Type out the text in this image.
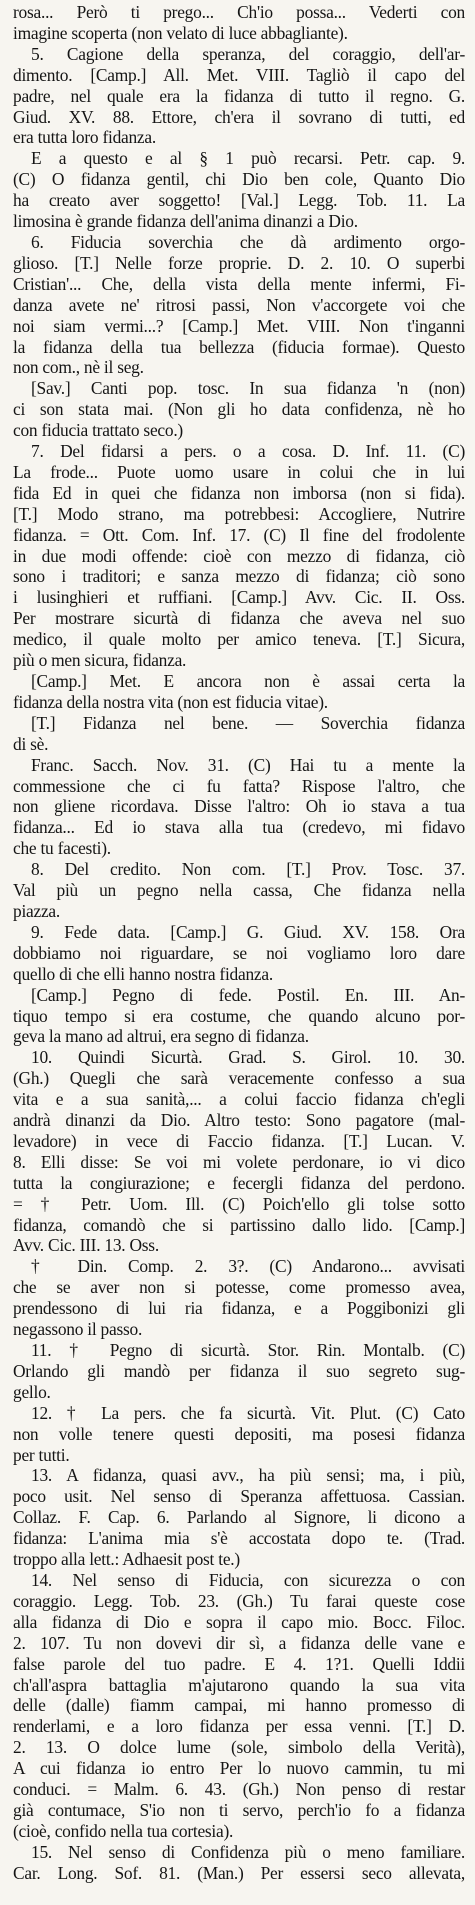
rosa... Però ti prego... Ch'io possa... Vederti con
imagine scoperta (non velato di luce abbagliante).
5. Cagione della speranza, del coraggio, dell'ar-
dimento. [Camp.] All. Met. VIII. Tagliò il capo del
padre, nel quale era la fidanza di tutto il regno. G.
Giud. XV. 88. Ettore, ch'era il sovrano di tutti, ed
era tutta loro fidanza.
E a questo e al § 1 può recarsi. Petr. cap. 9.
(C) O fidanza gentil, chi Dio ben cole, Quanto Dio
ha creato aver soggetto! [Val.] Legg. Tob. 11. La
limosina è grande fidanza dell'anima dinanzi a Dio.
6. Fiducia soverchia che dà ardimento orgo-
glioso. [T.] Nelle forze proprie. D. 2. 10. O superbi
Cristian'... Che, della vista della mente infermi, Fi-
danza avete ne' ritrosi passi, Non v'accorgete voi che
noi siam vermi...? [Camp.] Met. VIII. Non t'inganni
la fidanza della tua bellezza (fiducia formae). Questo
non com., nè il seg.
[Sav.] Canti pop. tosc. In sua fidanza 'n (non)
ci son stata mai. (Non gli ho data confidenza, nè ho
con fiducia trattato seco.)
7. Del fidarsi a pers. o a cosa. D. Inf. 11. (C)
La frode... Puote uomo usare in colui che in lui
fida Ed in quei che fidanza non imborsa (non si fida).
[T.] Modo strano, ma potrebbesi: Accogliere, Nutrire
fidanza. = Ott. Com. Inf. 17. (C) Il fine del frodolente
in due modi offende: cioè con mezzo di fidanza, ciò
sono i traditori; e sanza mezzo di fidanza; ciò sono
i lusinghieri et ruffiani. [Camp.] Avv. Cic. II. Oss.
Per mostrare sicurtà di fidanza che aveva nel suo
medico, il quale molto per amico teneva. [T.] Sicura,
più o men sicura, fidanza.
[Camp.] Met. E ancora non è assai certa la
fidanza della nostra vita (non est fiducia vitae).
[T.] Fidanza nel bene. — Soverchia fidanza
di sè.
Franc. Sacch. Nov. 31. (C) Hai tu a mente la
commessione che ci fu fatta? Rispose l'altro, che
non gliene ricordava. Disse l'altro: Oh io stava a tua
fidanza... Ed io stava alla tua (credevo, mi fidavo
che tu facesti).
8. Del credito. Non com. [T.] Prov. Tosc. 37.
Val più un pegno nella cassa, Che fidanza nella
piazza.
9. Fede data. [Camp.] G. Giud. XV. 158. Ora
dobbiamo noi riguardare, se noi vogliamo loro dare
quello di che elli hanno nostra fidanza.
[Camp.] Pegno di fede. Postil. En. III. An-
tiquo tempo si era costume, che quando alcuno por-
geva la mano ad altrui, era segno di fidanza.
10. Quindi Sicurtà. Grad. S. Girol. 10. 30.
(Gh.) Quegli che sarà veracemente confesso a sua
vita e a sua sanità,... a colui faccio fidanza ch'egli
andrà dinanzi da Dio. Altro testo: Sono pagatore (mal-
levadore) in vece di Faccio fidanza. [T.] Lucan. V.
8. Elli disse: Se voi mi volete perdonare, io vi dico
tutta la congiurazione; e fecergli fidanza del perdono.
= † Petr. Uom. Ill. (C) Poich'ello gli tolse sotto
fidanza, comandò che si partissino dallo lido. [Camp.]
Avv. Cic. III. 13. Oss.
† Din. Comp. 2. 3?. (C) Andarono... avvisati
che se aver non si potesse, come promesso avea,
prendessono di lui ria fidanza, e a Poggibonizi gli
negassono il passo.
11. † Pegno di sicurtà. Stor. Rin. Montalb. (C)
Orlando gli mandò per fidanza il suo segreto sug-
gello.
12. † La pers. che fa sicurtà. Vit. Plut. (C) Cato
non volle tenere questi depositi, ma posesi fidanza
per tutti.
13. A fidanza, quasi avv., ha più sensi; ma, i più,
poco usit. Nel senso di Speranza affettuosa. Cassian.
Collaz. F. Cap. 6. Parlando al Signore, li dicono a
fidanza: L'anima mia s'è accostata dopo te. (Trad.
troppo alla lett.: Adhaesit post te.)
14. Nel senso di Fiducia, con sicurezza o con
coraggio. Legg. Tob. 23. (Gh.) Tu farai queste cose
alla fidanza di Dio e sopra il capo mio. Bocc. Filoc.
2. 107. Tu non dovevi dir sì, a fidanza delle vane e
false parole del tuo padre. E 4. 1?1. Quelli Iddii
ch'all'aspra battaglia m'ajutarono quando la sua vita
delle (dalle) fiamm campai, mi hanno promesso di
renderlami, e a loro fidanza per essa venni. [T.] D.
2. 13. O dolce lume (sole, simbolo della Verità),
A cui fidanza io entro Per lo nuovo cammin, tu mi
conduci. = Malm. 6. 43. (Gh.) Non penso di restar
già contumace, S'io non ti servo, perch'io fo a fidanza
(cioè, confido nella tua cortesia).
15. Nel senso di Confidenza più o meno familiare.
Car. Long. Sof. 81. (Man.) Per essersi seco allevata,
